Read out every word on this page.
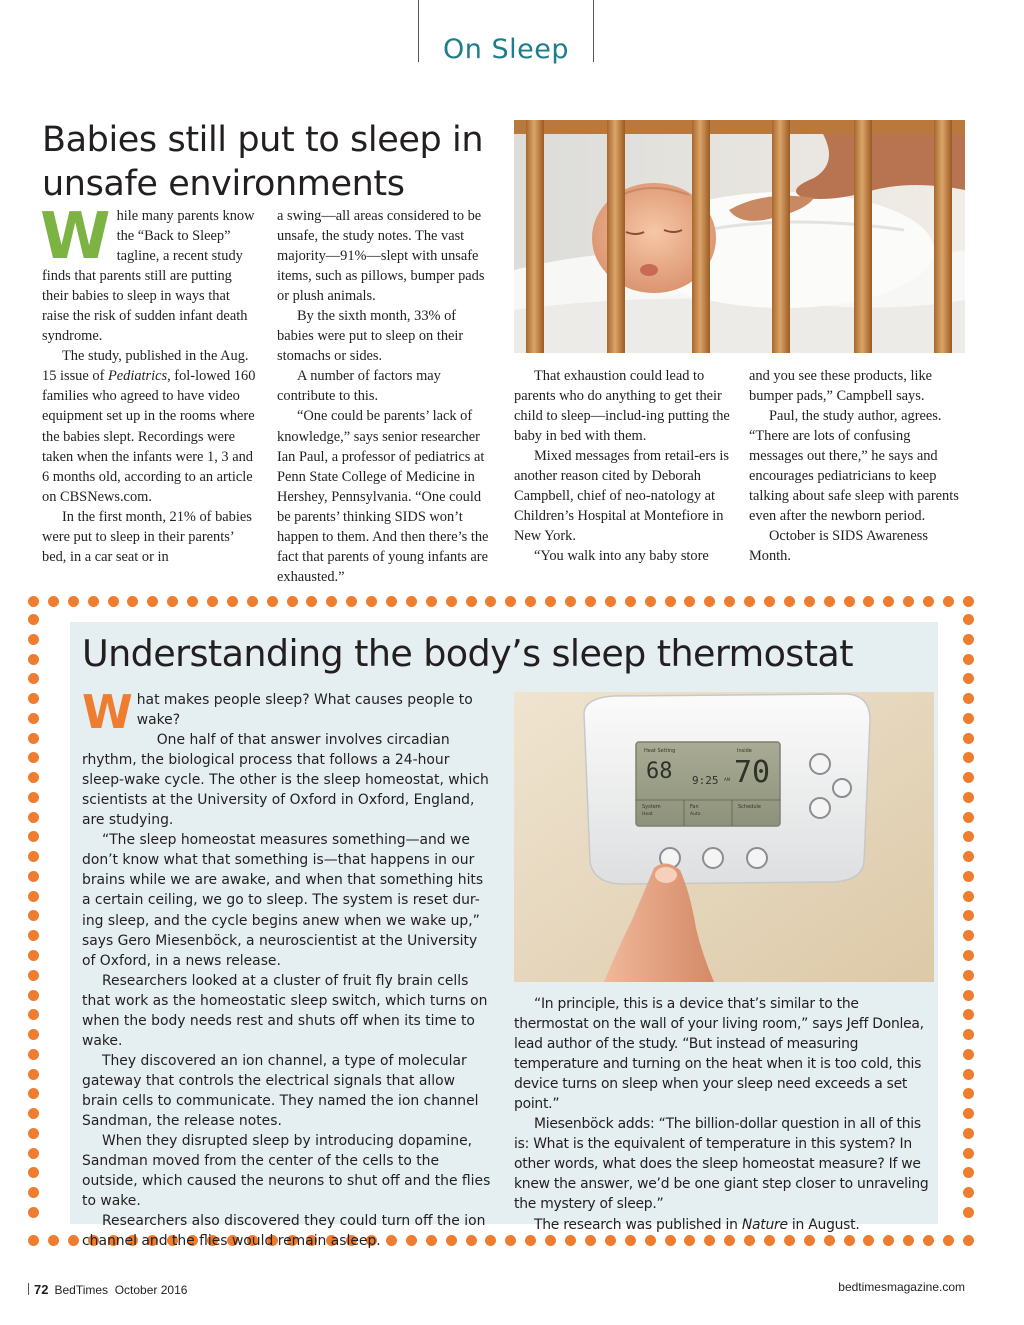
On Sleep
Babies still put to sleep in unsafe environments

While many parents know the “Back to Sleep” tagline, a recent study finds that parents still are putting their babies to sleep in ways that raise the risk of sudden infant death syndrome.

The study, published in the Aug. 15 issue of Pediatrics, fol-lowed 160 families who agreed to have video equipment set up in the rooms where the babies slept. Recordings were taken when the infants were 1, 3 and 6 months old, according to an article on CBSNews.com.

In the first month, 21% of babies were put to sleep in their parents’ bed, in a car seat or in

a swing—all areas considered to be unsafe, the study notes. The vast majority—91%—slept with unsafe items, such as pillows, bumper pads or plush animals.

By the sixth month, 33% of babies were put to sleep on their stomachs or sides.

A number of factors may contribute to this.

“One could be parents’ lack of knowledge,” says senior researcher Ian Paul, a professor of pediatrics at Penn State College of Medicine in Hershey, Pennsylvania. “One could be parents’ thinking SIDS won’t happen to them. And then there’s the fact that parents of young infants are exhausted.”

That exhaustion could lead to parents who do anything to get their child to sleep—includ-ing putting the baby in bed with them.

Mixed messages from retail-ers is another reason cited by Deborah Campbell, chief of neo-natology at Children’s Hospital at Montefiore in New York.

“You walk into any baby store

and you see these products, like bumper pads,” Campbell says.

Paul, the study author, agrees. “There are lots of confusing messages out there,” he says and encourages pediatricians to keep talking about safe sleep with parents even after the newborn period.

October is SIDS Awareness Month.

Understanding the body’s sleep thermostat

What makes people sleep? What causes people to wake?

One half of that answer involves circadian rhythm, the biological process that follows a 24-hour sleep-wake cycle. The other is the sleep homeostat, which scientists at the University of Oxford in Oxford, England, are studying.

“The sleep homeostat measures something—and we don’t know what that something is—that happens in our brains while we are awake, and when that something hits a certain ceiling, we go to sleep. The system is reset dur-ing sleep, and the cycle begins anew when we wake up,” says Gero Miesenböck, a neuroscientist at the University of Oxford, in a news release.

Researchers looked at a cluster of fruit fly brain cells that work as the homeostatic sleep switch, which turns on when the body needs rest and shuts off when its time to wake.

They discovered an ion channel, a type of molecular gateway that controls the electrical signals that allow brain cells to communicate. They named the ion channel Sandman, the release notes.

When they disrupted sleep by introducing dopamine, Sandman moved from the center of the cells to the outside, which caused the neurons to shut off and the flies to wake.

Researchers also discovered they could turn off the ion channel and the flies would remain asleep.

Heat Setting
68 9:25 AM
Inside
70
System	Fan	Schedule
Heat	Auto

“In principle, this is a device that’s similar to the thermostat on the wall of your living room,” says Jeff Donlea, lead author of the study. “But instead of measuring temperature and turning on the heat when it is too cold, this device turns on sleep when your sleep need exceeds a set point.”

Miesenböck adds: “The billion-dollar question in all of this is: What is the equivalent of temperature in this system? In other words, what does the sleep homeostat measure? If we knew the answer, we’d be one giant step closer to unraveling the mystery of sleep.”

The research was published in Nature in August.

72 BedTimes October 2016	bedtimesmagazine.com
